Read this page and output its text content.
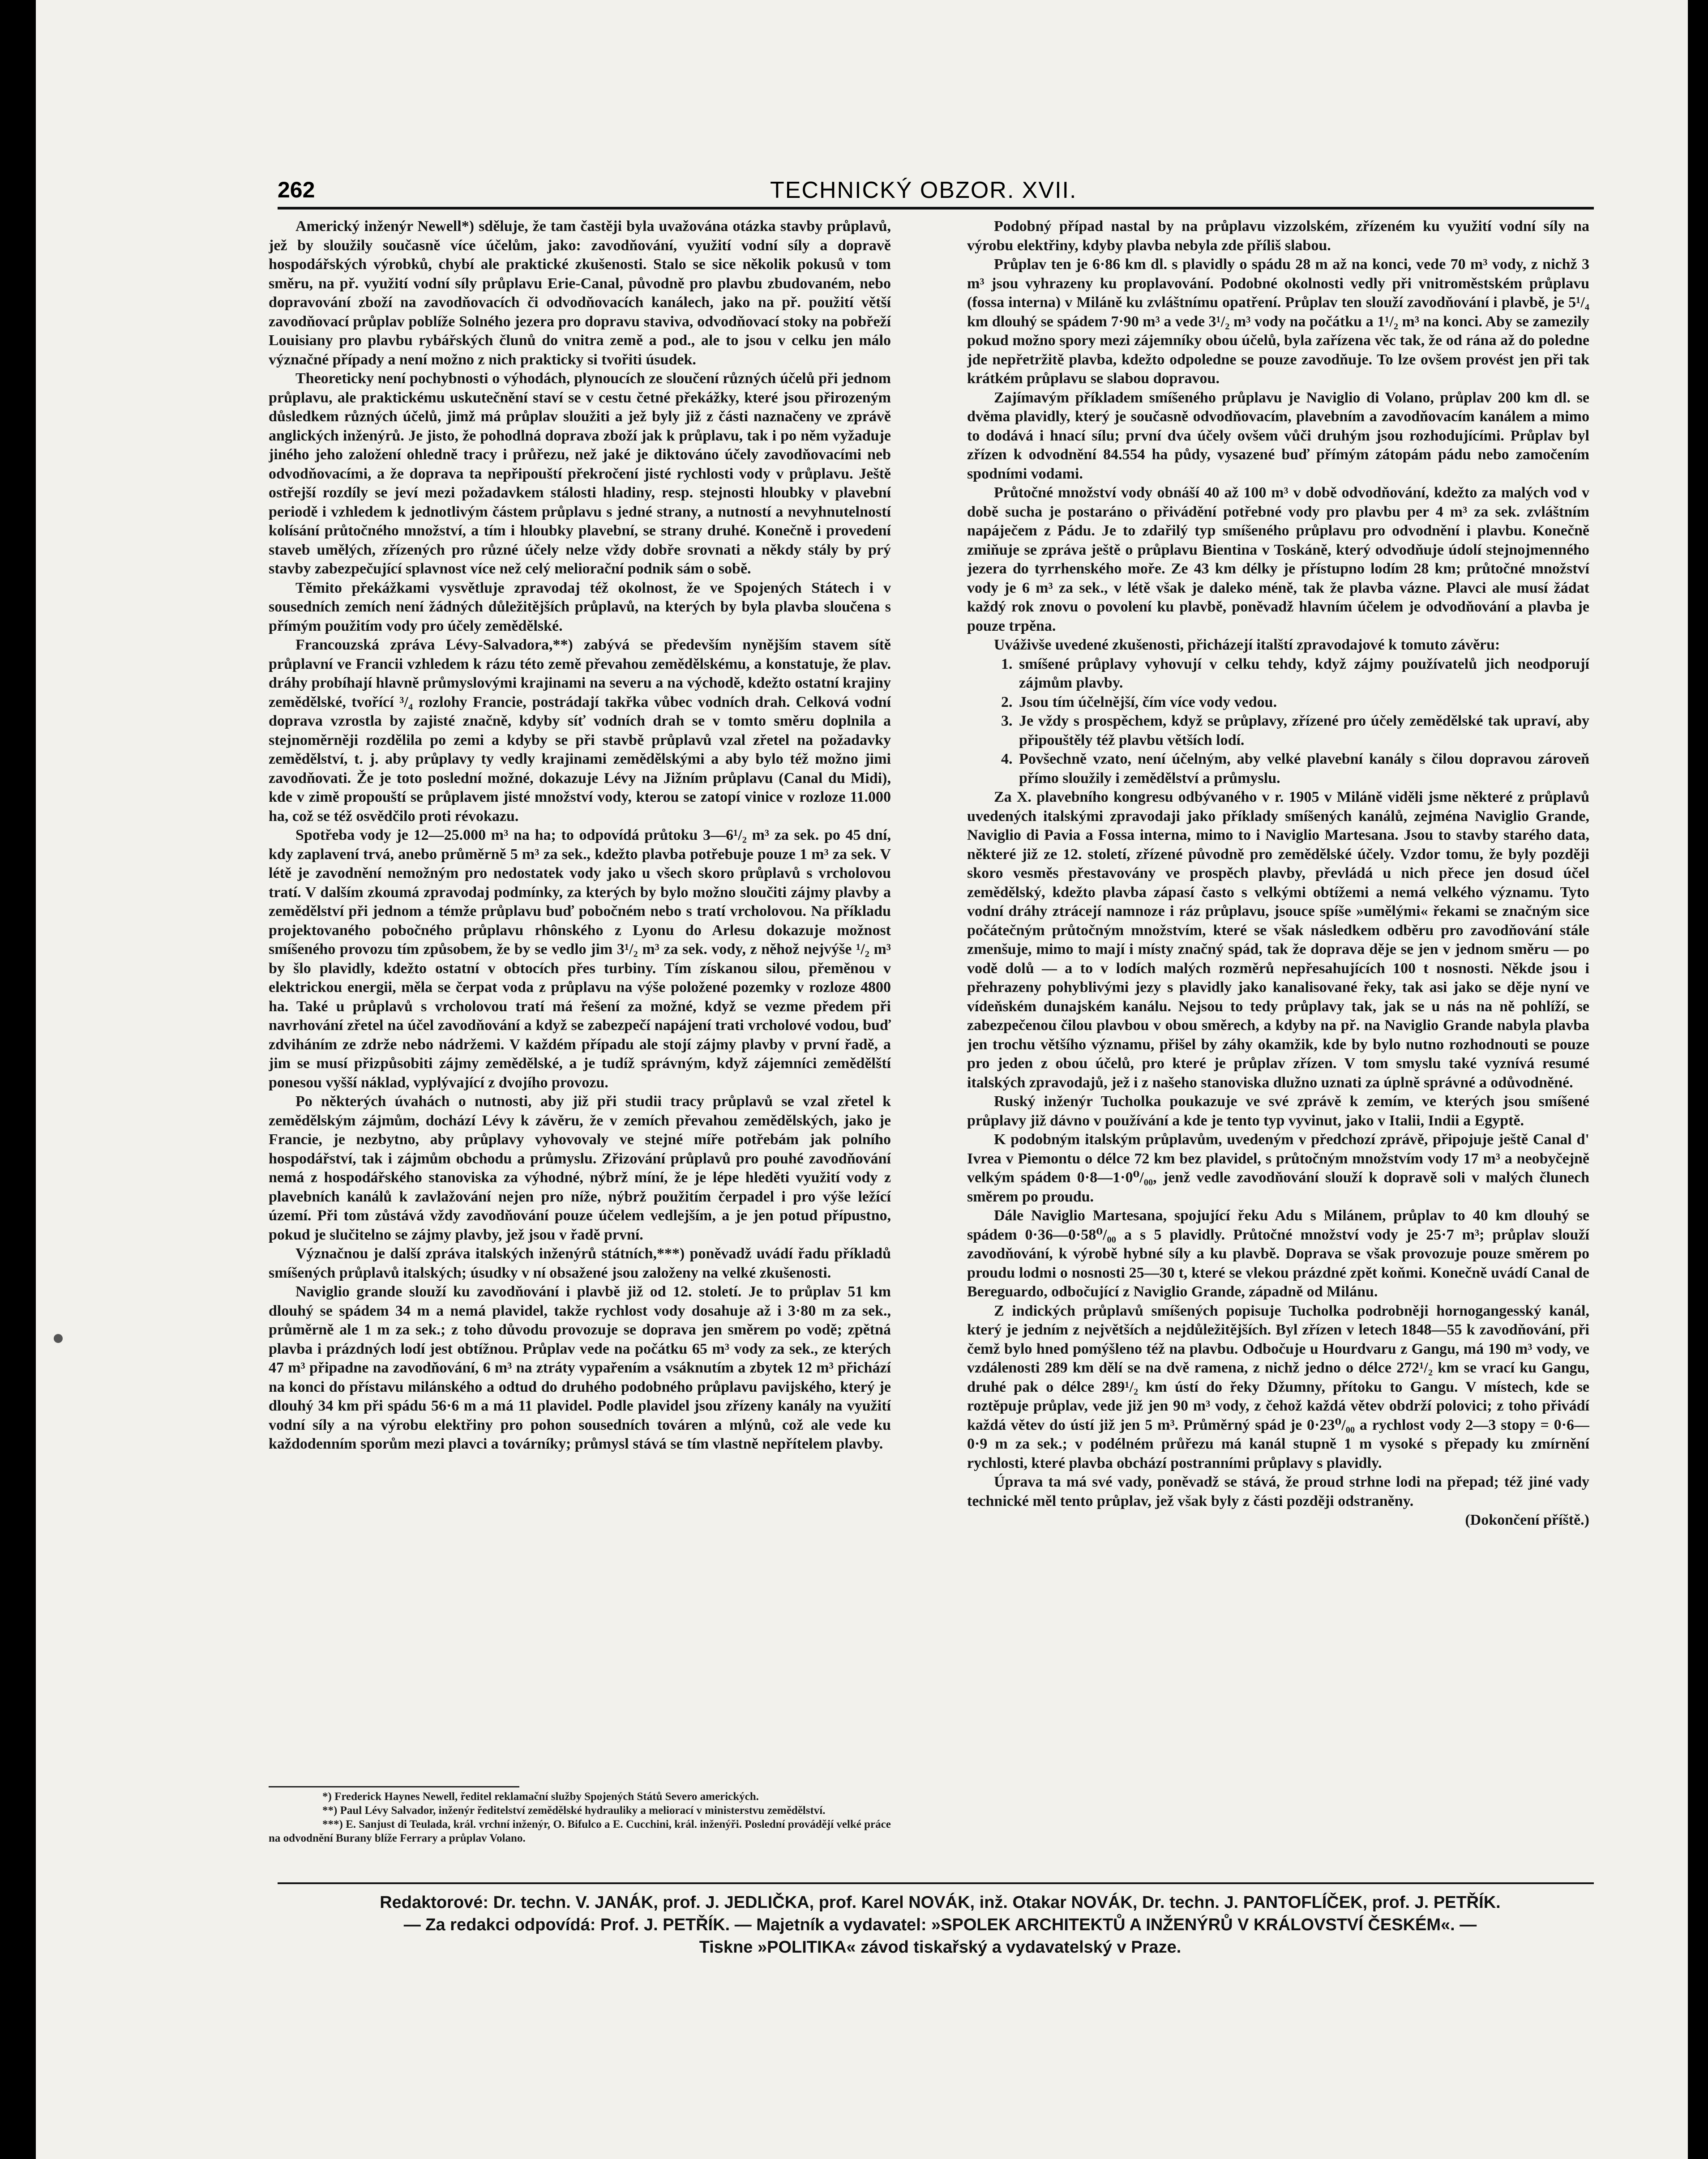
262	TECHNICKÝ OBZOR. XVII.

Americký inženýr Newell*) sděluje, že tam častěji byla uvažována otázka stavby průplavů, jež by sloužily současně více účelům, jako: zavodňování, využití vodní síly a dopravě hospodářských výrobků, chybí ale praktické zkušenosti. Stalo se sice několik pokusů v tom směru, na př. využití vodní síly průplavu Erie-Canal, původně pro plavbu zbudovaném, nebo dopravování zboží na zavodňovacích či odvodňovacích kanálech, jako na př. použití větší zavodňovací průplav poblíže Solného jezera pro dopravu staviva, odvodňovací stoky na pobřeží Louisiany pro plavbu rybářských člunů do vnitra země a pod., ale to jsou v celku jen málo význačné případy a není možno z nich prakticky si tvořiti úsudek.

Theoreticky není pochybnosti o výhodách, plynoucích ze sloučení různých účelů při jednom průplavu, ale praktickému uskutečnění staví se v cestu četné překážky, které jsou přirozeným důsledkem různých účelů, jimž má průplav sloužiti a jež byly již z části naznačeny ve zprávě anglických inženýrů. Je jisto, že pohodlná doprava zboží jak k průplavu, tak i po něm vyžaduje jiného jeho založení ohledně tracy i průřezu, než jaké je diktováno účely zavodňovacími neb odvodňovacími, a že doprava ta nepřipouští překročení jisté rychlosti vody v průplavu. Ještě ostřejší rozdíly se jeví mezi požadavkem stálosti hladiny, resp. stejnosti hloubky v plavební periodě i vzhledem k jednotlivým částem průplavu s jedné strany, a nutností a nevyhnutelností kolísání průtočného množství, a tím i hloubky plavební, se strany druhé. Konečně i provedení staveb umělých, zřízených pro různé účely nelze vždy dobře srovnati a někdy stály by prý stavby zabezpečující splavnost více než celý meliorační podnik sám o sobě.

Těmito překážkami vysvětluje zpravodaj též okolnost, že ve Spojených Státech i v sousedních zemích není žádných důležitějších průplavů, na kterých by byla plavba sloučena s přímým použitím vody pro účely zemědělské.

Francouzská zpráva Lévy-Salvadora,**) zabývá se především nynějším stavem sítě průplavní ve Francii vzhledem k rázu této země převahou zemědělskému, a konstatuje, že plav. dráhy probíhají hlavně průmyslovými krajinami na severu a na východě, kdežto ostatní krajiny zemědělské, tvořící ³/₄ rozlohy Francie, postrádají takřka vůbec vodních drah. Celková vodní doprava vzrostla by zajisté značně, kdyby síť vodních drah se v tomto směru doplnila a stejnoměrněji rozdělila po zemi a kdyby se při stavbě průplavů vzal zřetel na požadavky zemědělství, t. j. aby průplavy ty vedly krajinami zemědělskými a aby bylo též možno jimi zavodňovati. Že je toto poslední možné, dokazuje Lévy na Jižním průplavu (Canal du Midi), kde v zimě propouští se průplavem jisté množství vody, kterou se zatopí vinice v rozloze 11.000 ha, což se též osvědčilo proti révokazu.

Spotřeba vody je 12—25.000 m³ na ha; to odpovídá průtoku 3—6¹/₂ m³ za sek. po 45 dní, kdy zaplavení trvá, anebo průměrně 5 m³ za sek., kdežto plavba potřebuje pouze 1 m³ za sek. V létě je zavodnění nemožným pro nedostatek vody jako u všech skoro průplavů s vrcholovou tratí. V dalším zkoumá zpravodaj podmínky, za kterých by bylo možno sloučiti zájmy plavby a zemědělství při jednom a témže průplavu buď pobočném nebo s tratí vrcholovou. Na příkladu projektovaného pobočného průplavu rhônského z Lyonu do Arlesu dokazuje možnost smíšeného provozu tím způsobem, že by se vedlo jim 3¹/₂ m³ za sek. vody, z něhož nejvýše ¹/₂ m³ by šlo plavidly, kdežto ostatní v obtocích přes turbiny. Tím získanou silou, přeměnou v elektrickou energii, měla se čerpat voda z průplavu na výše položené pozemky v rozloze 4800 ha. Také u průplavů s vrcholovou tratí má řešení za možné, když se vezme předem při navrhování zřetel na účel zavodňování a když se zabezpečí napájení trati vrcholové vodou, buď zdviháním ze zdrže nebo nádržemi. V každém případu ale stojí zájmy plavby v první řadě, a jim se musí přizpůsobiti zájmy zemědělské, a je tudíž správným, když zájemníci zemědělští ponesou vyšší náklad, vyplývající z dvojího provozu.

Po některých úvahách o nutnosti, aby již při studii tracy průplavů se vzal zřetel k zemědělským zájmům, dochází Lévy k závěru, že v zemích převahou zemědělských, jako je Francie, je nezbytno, aby průplavy vyhovovaly ve stejné míře potřebám jak polního hospodářství, tak i zájmům obchodu a průmyslu. Zřizování průplavů pro pouhé zavodňování nemá z hospodářského stanoviska za výhodné, nýbrž míní, že je lépe hleděti využití vody z plavebních kanálů k zavlažování nejen pro níže, nýbrž použitím čerpadel i pro výše ležící území. Při tom zůstává vždy zavodňování pouze účelem vedlejším, a je jen potud přípustno, pokud je slučitelno se zájmy plavby, jež jsou v řadě první.

Význačnou je další zpráva italských inženýrů státních,***) poněvadž uvádí řadu příkladů smíšených průplavů italských; úsudky v ní obsažené jsou založeny na velké zkušenosti.

Naviglio grande slouží ku zavodňování i plavbě již od 12. století. Je to průplav 51 km dlouhý se spádem 34 m a nemá plavidel, takže rychlost vody dosahuje až i 3·80 m za sek., průměrně ale 1 m za sek.; z toho důvodu provozuje se doprava jen směrem po vodě; zpětná plavba i prázdných lodí jest obtížnou. Průplav vede na počátku 65 m³ vody za sek., ze kterých 47 m³ připadne na zavodňování, 6 m³ na ztráty vypařením a vsáknutím a zbytek 12 m³ přichází na konci do přístavu milánského a odtud do druhého podobného průplavu pavijského, který je dlouhý 34 km při spádu 56·6 m a má 11 plavidel. Podle plavidel jsou zřízeny kanály na využití vodní síly a na výrobu elektřiny pro pohon sousedních továren a mlýnů, což ale vede ku každodenním sporům mezi plavci a továrníky; průmysl stává se tím vlastně nepřítelem plavby.

*) Frederick Haynes Newell, ředitel reklamační služby Spojených Států Severo amerických.

**) Paul Lévy Salvador, inženýr ředitelství zemědělské hydrauliky a meliorací v ministerstvu zemědělství.

***) E. Sanjust di Teulada, král. vrchní inženýr, O. Bifulco a E. Cucchini, král. inženýři. Poslední provádějí velké práce na odvodnění Burany blíže Ferrary a průplav Volano.

Podobný případ nastal by na průplavu vizzolském, zřízeném ku využití vodní síly na výrobu elektřiny, kdyby plavba nebyla zde příliš slabou.

Průplav ten je 6·86 km dl. s plavidly o spádu 28 m až na konci, vede 70 m³ vody, z nichž 3 m³ jsou vyhrazeny ku proplavování. Podobné okolnosti vedly při vnitroměstském průplavu (fossa interna) v Miláně ku zvláštnímu opatření. Průplav ten slouží zavodňování i plavbě, je 5¹/₄ km dlouhý se spádem 7·90 m³ a vede 3¹/₂ m³ vody na počátku a 1¹/₂ m³ na konci. Aby se zamezily pokud možno spory mezi zájemníky obou účelů, byla zařízena věc tak, že od rána až do poledne jde nepřetržitě plavba, kdežto odpoledne se pouze zavodňuje. To lze ovšem provést jen při tak krátkém průplavu se slabou dopravou.

Zajímavým příkladem smíšeného průplavu je Naviglio di Volano, průplav 200 km dl. se dvěma plavidly, který je současně odvodňovacím, plavebním a zavodňovacím kanálem a mimo to dodává i hnací sílu; první dva účely ovšem vůči druhým jsou rozhodujícími. Průplav byl zřízen k odvodnění 84.554 ha půdy, vysazené buď přímým zátopám pádu nebo zamočením spodními vodami.

Průtočné množství vody obnáší 40 až 100 m³ v době odvodňování, kdežto za malých vod v době sucha je postaráno o přivádění potřebné vody pro plavbu per 4 m³ za sek. zvláštním napáječem z Pádu. Je to zdařilý typ smíšeného průplavu pro odvodnění i plavbu. Konečně zmiňuje se zpráva ještě o průplavu Bientina v Toskáně, který odvodňuje údolí stejnojmenného jezera do tyrrhenského moře. Ze 43 km délky je přístupno lodím 28 km; průtočné množství vody je 6 m³ za sek., v létě však je daleko méně, tak že plavba vázne. Plavci ale musí žádat každý rok znovu o povolení ku plavbě, poněvadž hlavním účelem je odvodňování a plavba je pouze trpěna.

Uváživše uvedené zkušenosti, přicházejí italští zpravodajové k tomuto závěru:

1. smíšené průplavy vyhovují v celku tehdy, když zájmy používatelů jich neodporují zájmům plavby.
2. Jsou tím účelnější, čím více vody vedou.
3. Je vždy s prospěchem, když se průplavy, zřízené pro účely zemědělské tak upraví, aby připouštěly též plavbu větších lodí.
4. Povšechně vzato, není účelným, aby velké plavební kanály s čilou dopravou zároveň přímo sloužily i zemědělství a průmyslu.

Za X. plavebního kongresu odbývaného v r. 1905 v Miláně viděli jsme některé z průplavů uvedených italskými zpravodaji jako příklady smíšených kanálů, zejména Naviglio Grande, Naviglio di Pavia a Fossa interna, mimo to i Naviglio Martesana. Jsou to stavby starého data, některé již ze 12. století, zřízené původně pro zemědělské účely. Vzdor tomu, že byly později skoro vesměs přestavovány ve prospěch plavby, převládá u nich přece jen dosud účel zemědělský, kdežto plavba zápasí často s velkými obtížemi a nemá velkého významu. Tyto vodní dráhy ztrácejí namnoze i ráz průplavu, jsouce spíše »umělými« řekami se značným sice počátečným průtočným množstvím, které se však následkem odběru pro zavodňování stále zmenšuje, mimo to mají i místy značný spád, tak že doprava děje se jen v jednom směru — po vodě dolů — a to v lodích malých rozměrů nepřesahujících 100 t nosnosti. Někde jsou i přehrazeny pohyblivými jezy s plavidly jako kanalisované řeky, tak asi jako se děje nyní ve vídeňském dunajském kanálu. Nejsou to tedy průplavy tak, jak se u nás na ně pohlíží, se zabezpečenou čilou plavbou v obou směrech, a kdyby na př. na Naviglio Grande nabyla plavba jen trochu většího významu, přišel by záhy okamžik, kde by bylo nutno rozhodnouti se pouze pro jeden z obou účelů, pro které je průplav zřízen. V tom smyslu také vyznívá resumé italských zpravodajů, jež i z našeho stanoviska dlužno uznati za úplně správné a odůvodněné.

Ruský inženýr Tucholka poukazuje ve své zprávě k zemím, ve kterých jsou smíšené průplavy již dávno v používání a kde je tento typ vyvinut, jako v Italii, Indii a Egyptě.

K podobným italským průplavům, uvedeným v předchozí zprávě, připojuje ještě Canal d' Ivrea v Piemontu o délce 72 km bez plavidel, s průtočným množstvím vody 17 m³ a neobyčejně velkým spádem 0·8—1·0⁰/₀₀, jenž vedle zavodňování slouží k dopravě soli v malých člunech směrem po proudu.

Dále Naviglio Martesana, spojující řeku Adu s Milánem, průplav to 40 km dlouhý se spádem 0·36—0·58⁰/₀₀ a s 5 plavidly. Průtočné množství vody je 25·7 m³; průplav slouží zavodňování, k výrobě hybné síly a ku plavbě. Doprava se však provozuje pouze směrem po proudu lodmi o nosnosti 25—30 t, které se vlekou prázdné zpět koňmi. Konečně uvádí Canal de Bereguardo, odbočující z Naviglio Grande, západně od Milánu.

Z indických průplavů smíšených popisuje Tucholka podrobněji hornogangesský kanál, který je jedním z největších a nejdůležitějších. Byl zřízen v letech 1848—55 k zavodňování, při čemž bylo hned pomýšleno též na plavbu. Odbočuje u Hourdvaru z Gangu, má 190 m³ vody, ve vzdálenosti 289 km dělí se na dvě ramena, z nichž jedno o délce 272¹/₂ km se vrací ku Gangu, druhé pak o délce 289¹/₂ km ústí do řeky Džumny, přítoku to Gangu. V místech, kde se roztěpuje průplav, vede již jen 90 m³ vody, z čehož každá větev obdrží polovici; z toho přivádí každá větev do ústí již jen 5 m³. Průměrný spád je 0·23⁰/₀₀ a rychlost vody 2—3 stopy = 0·6—0·9 m za sek.; v podélném průřezu má kanál stupně 1 m vysoké s přepady ku zmírnění rychlosti, které plavba obchází postranními průplavy s plavidly.

Úprava ta má své vady, poněvadž se stává, že proud strhne lodi na přepad; též jiné vady technické měl tento průplav, jež však byly z části později odstraněny.

(Dokončení příště.)
Redaktorové: Dr. techn. V. JANÁK, prof. J. JEDLIČKA, prof. Karel NOVÁK, inž. Otakar NOVÁK, Dr. techn. J. PANTOFLÍČEK, prof. J. PETŘÍK.
— Za redakci odpovídá: Prof. J. PETŘÍK. — Majetník a vydavatel: »SPOLEK ARCHITEKTŮ A INŽENÝRŮ V KRÁLOVSTVÍ ČESKÉM«. —
Tiskne »POLITIKA« závod tiskařský a vydavatelský v Praze.
